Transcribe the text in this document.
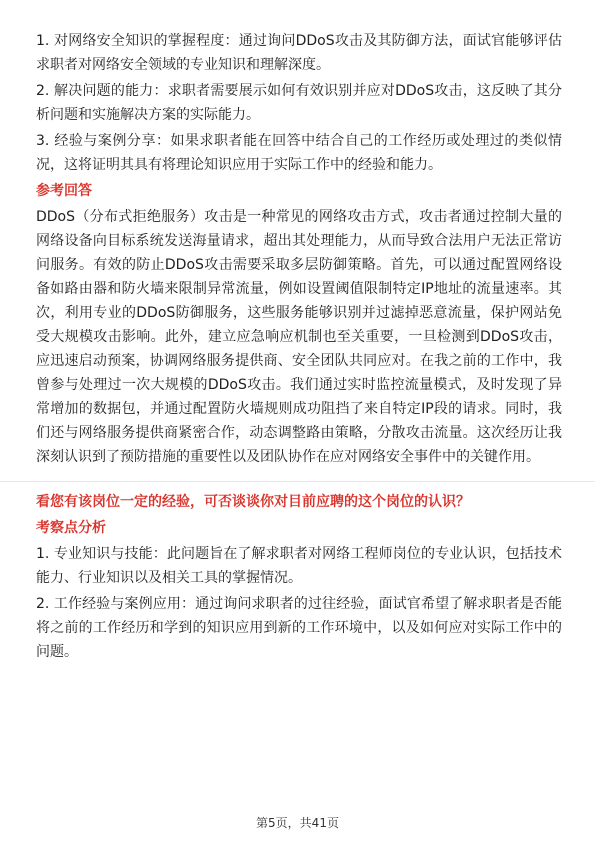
1. 对网络安全知识的掌握程度：通过询问DDoS攻击及其防御方法，面试官能够评估求职者对网络安全领域的专业知识和理解深度。

2. 解决问题的能力：求职者需要展示如何有效识别并应对DDoS攻击，这反映了其分析问题和实施解决方案的实际能力。

3. 经验与案例分享：如果求职者能在回答中结合自己的工作经历或处理过的类似情况，这将证明其具有将理论知识应用于实际工作中的经验和能力。

参考回答

DDoS（分布式拒绝服务）攻击是一种常见的网络攻击方式，攻击者通过控制大量的网络设备向目标系统发送海量请求，超出其处理能力，从而导致合法用户无法正常访问服务。有效的防止DDoS攻击需要采取多层防御策略。首先，可以通过配置网络设备如路由器和防火墙来限制异常流量，例如设置阈值限制特定IP地址的流量速率。其次，利用专业的DDoS防御服务，这些服务能够识别并过滤掉恶意流量，保护网站免受大规模攻击影响。此外，建立应急响应机制也至关重要，一旦检测到DDoS攻击，应迅速启动预案，协调网络服务提供商、安全团队共同应对。在我之前的工作中，我曾参与处理过一次大规模的DDoS攻击。我们通过实时监控流量模式，及时发现了异常增加的数据包，并通过配置防火墙规则成功阻挡了来自特定IP段的请求。同时，我们还与网络服务提供商紧密合作，动态调整路由策略，分散攻击流量。这次经历让我深刻认识到了预防措施的重要性以及团队协作在应对网络安全事件中的关键作用。

看您有该岗位一定的经验，可否谈谈你对目前应聘的这个岗位的认识？
考察点分析

1. 专业知识与技能：此问题旨在了解求职者对网络工程师岗位的专业认识，包括技术能力、行业知识以及相关工具的掌握情况。

2. 工作经验与案例应用：通过询问求职者的过往经验，面试官希望了解求职者是否能将之前的工作经历和学到的知识应用到新的工作环境中，以及如何应对实际工作中的问题。

第5页，共41页
